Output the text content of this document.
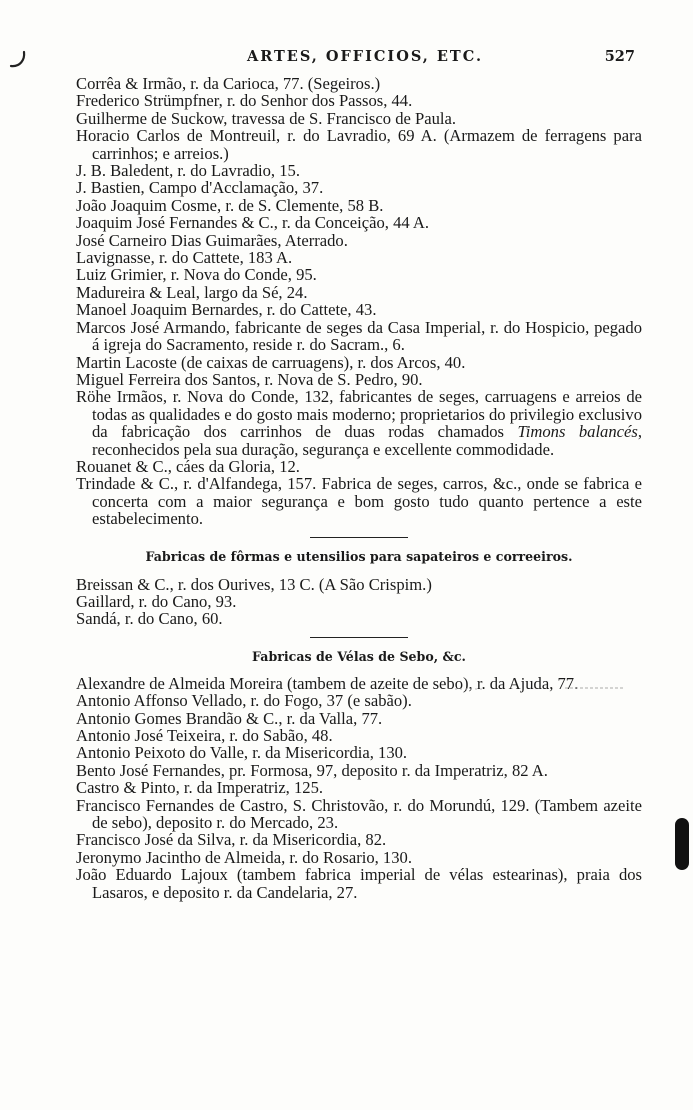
ARTES, OFFICIOS, ETC.	527
Corrêa & Irmão, r. da Carioca, 77. (Segeiros.)
Frederico Strümpfner, r. do Senhor dos Passos, 44.
Guilherme de Suckow, travessa de S. Francisco de Paula.
Horacio Carlos de Montreuil, r. do Lavradio, 69 A. (Armazem de ferragens para carrinhos; e arreios.)
J. B. Baledent, r. do Lavradio, 15.
J. Bastien, Campo d'Acclamação, 37.
João Joaquim Cosme, r. de S. Clemente, 58 B.
Joaquim José Fernandes & C., r. da Conceição, 44 A.
José Carneiro Dias Guimarães, Aterrado.
Lavignasse, r. do Cattete, 183 A.
Luiz Grimier, r. Nova do Conde, 95.
Madureira & Leal, largo da Sé, 24.
Manoel Joaquim Bernardes, r. do Cattete, 43.
Marcos José Armando, fabricante de seges da Casa Imperial, r. do Hospicio, pegado á igreja do Sacramento, reside r. do Sacram., 6.
Martin Lacoste (de caixas de carruagens), r. dos Arcos, 40.
Miguel Ferreira dos Santos, r. Nova de S. Pedro, 90.
Röhe Irmãos, r. Nova do Conde, 132, fabricantes de seges, carruagens e arreios de todas as qualidades e do gosto mais moderno; proprietarios do privilegio exclusivo da fabricação dos carrinhos de duas rodas chamados Timons balancés, reconhecidos pela sua duração, segurança e excellente commodidade.
Rouanet & C., cáes da Gloria, 12.
Trindade & C., r. d'Alfandega, 157. Fabrica de seges, carros, &c., onde se fabrica e concerta com a maior segurança e bom gosto tudo quanto pertence a este estabelecimento.
Fabricas de fôrmas e utensilios para sapateiros e correeiros.
Breissan & C., r. dos Ourives, 13 C. (A São Crispim.)
Gaillard, r. do Cano, 93.
Sandá, r. do Cano, 60.
Fabricas de Vélas de Sebo, &c.
Alexandre de Almeida Moreira (tambem de azeite de sebo), r. da Ajuda, 77.
Antonio Affonso Vellado, r. do Fogo, 37 (e sabão).
Antonio Gomes Brandão & C., r. da Valla, 77.
Antonio José Teixeira, r. do Sabão, 48.
Antonio Peixoto do Valle, r. da Misericordia, 130.
Bento José Fernandes, pr. Formosa, 97, deposito r. da Imperatriz, 82 A.
Castro & Pinto, r. da Imperatriz, 125.
Francisco Fernandes de Castro, S. Christovão, r. do Morundú, 129. (Tambem azeite de sebo), deposito r. do Mercado, 23.
Francisco José da Silva, r. da Misericordia, 82.
Jeronymo Jacintho de Almeida, r. do Rosario, 130.
João Eduardo Lajoux (tambem fabrica imperial de vélas estearinas), praia dos Lasaros, e deposito r. da Candelaria, 27.
